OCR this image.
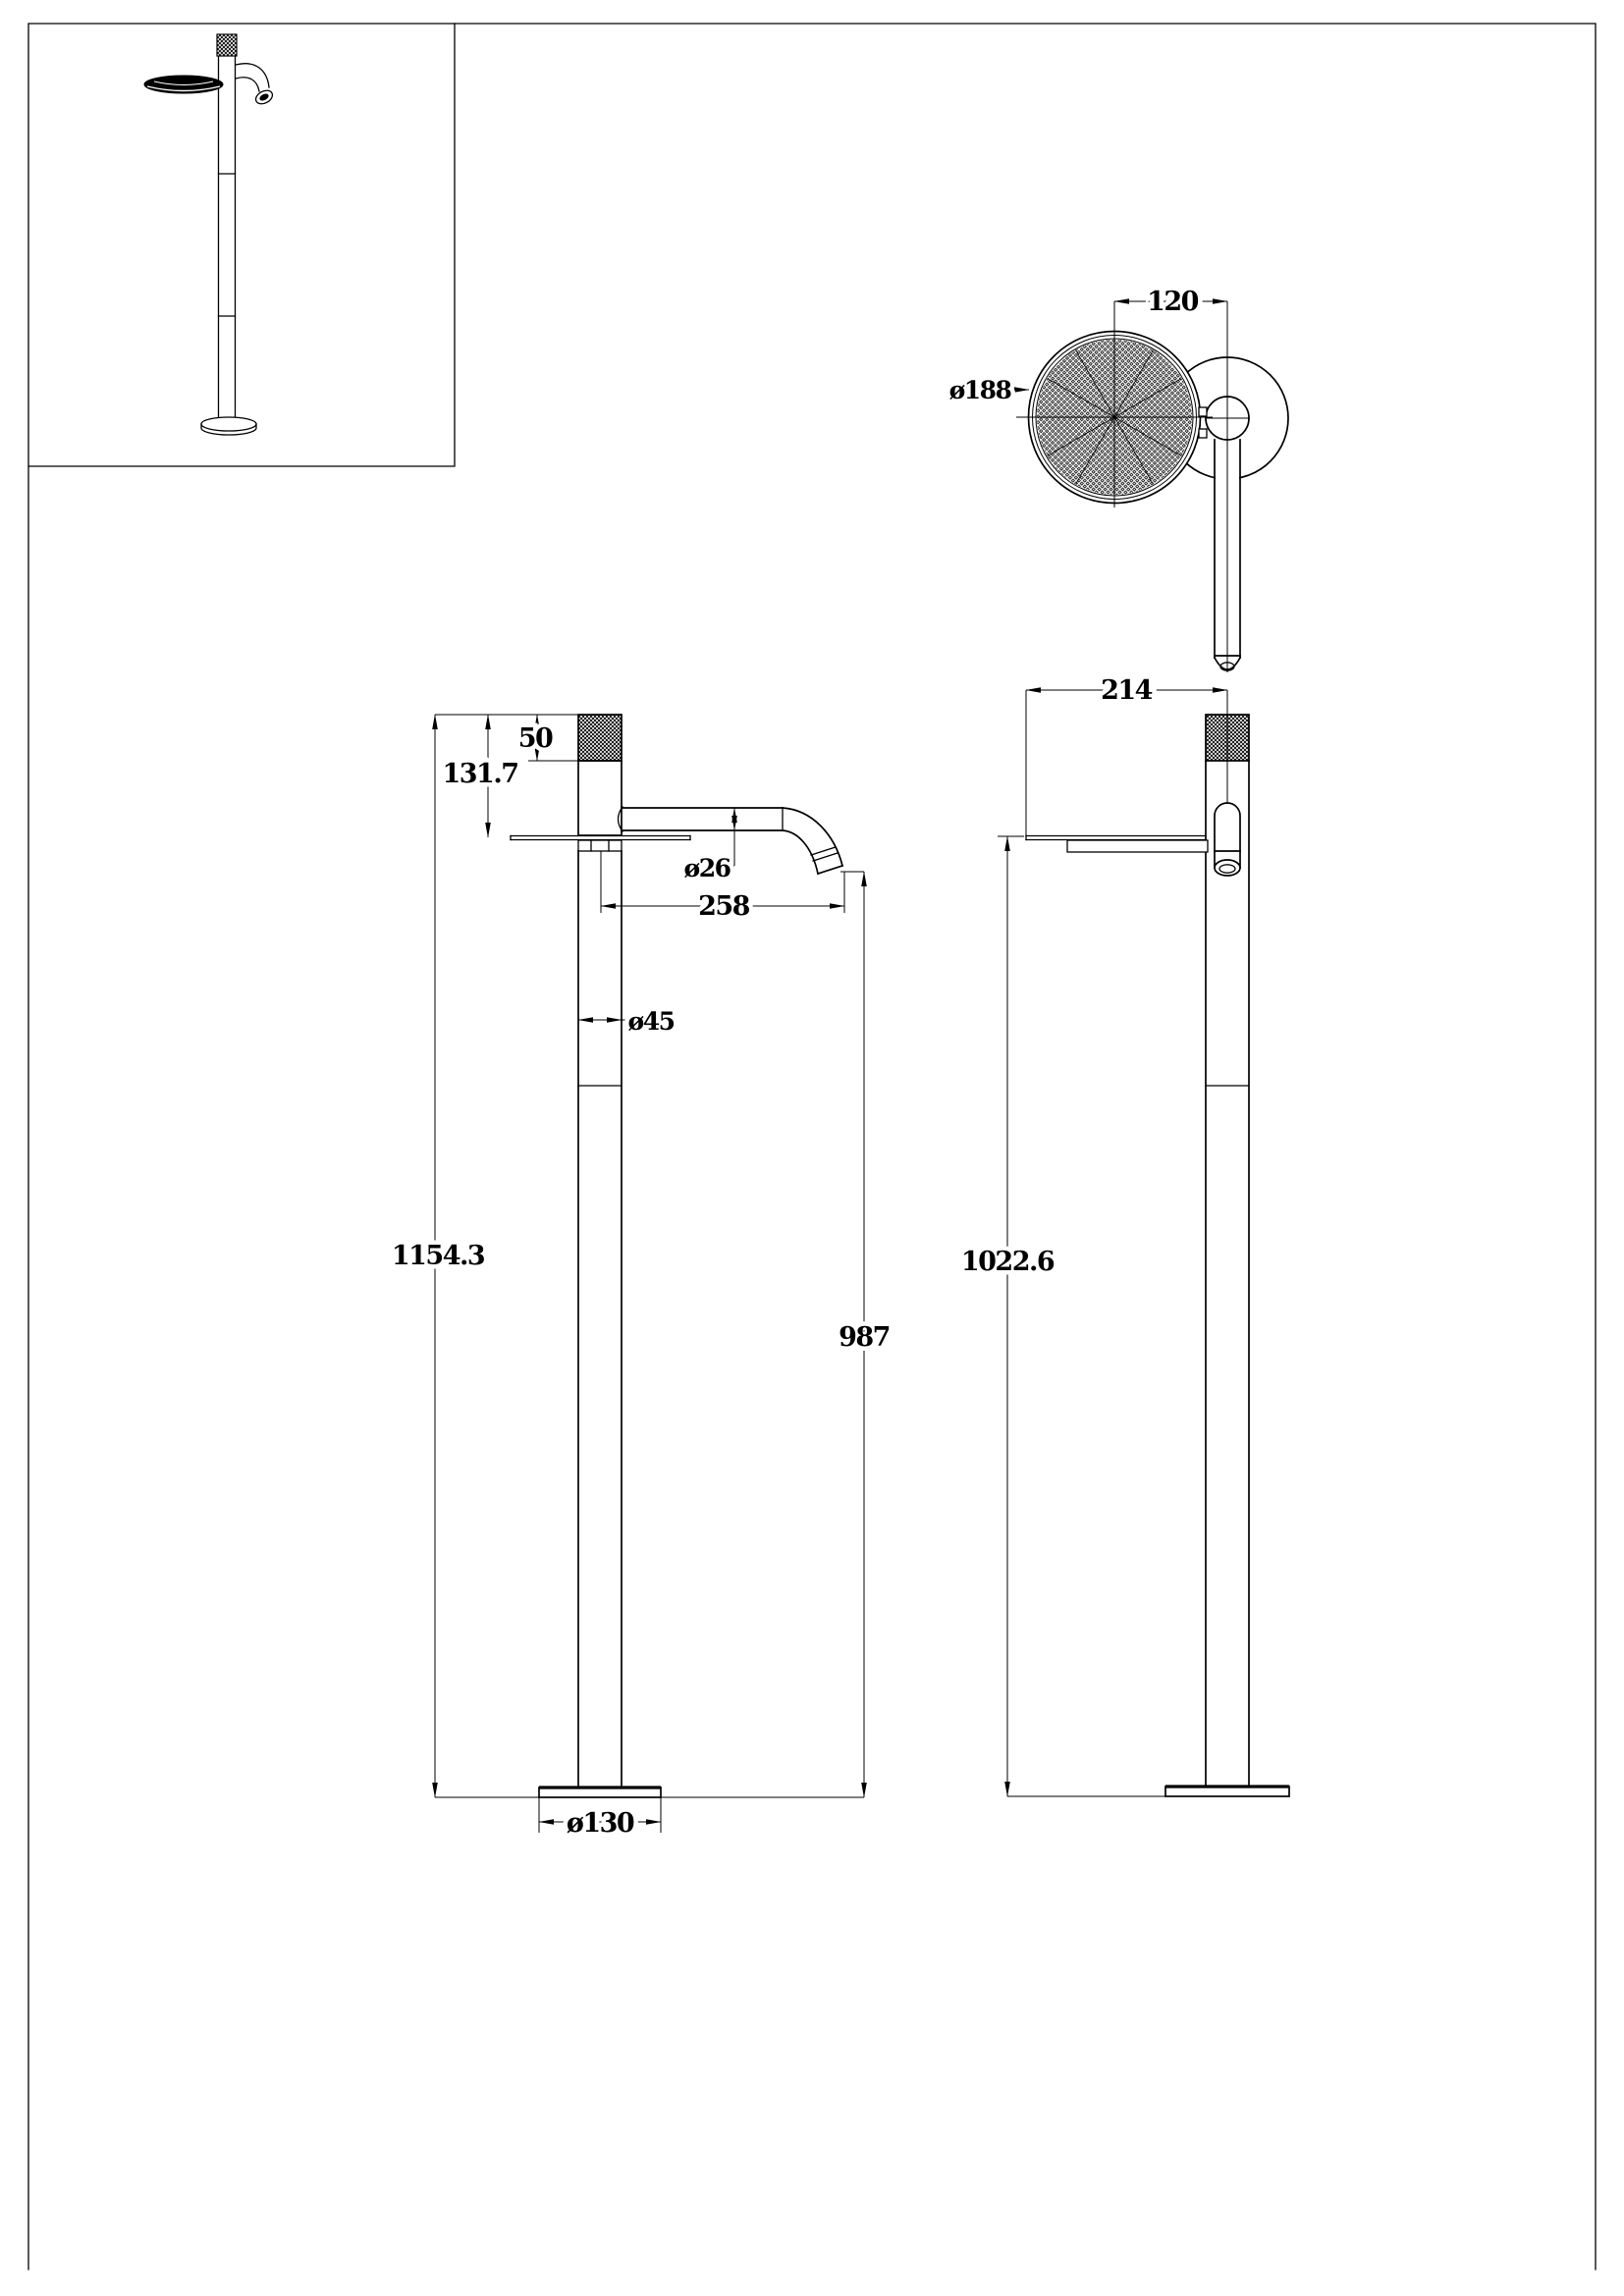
120
ø188
1154.3
131.7
50
ø45
ø26
258
987
ø130
214
1022.6
